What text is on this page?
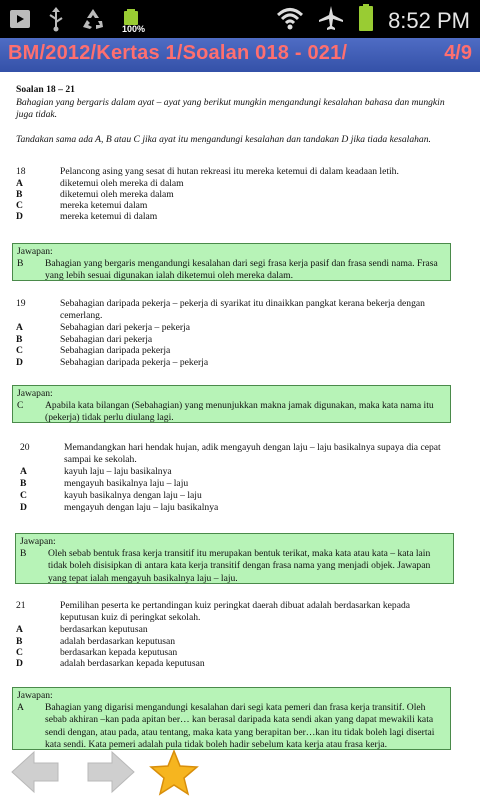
100%	8:52 PM
BM/2012/Kertas 1/Soalan 018 - 021/	4/9
Soalan 18 – 21
Bahagian yang bergaris dalam ayat – ayat yang berikut mungkin mengandungi kesalahan bahasa dan mungkin juga tidak.
Tandakan sama ada A, B atau C jika ayat itu mengandungi kesalahan dan tandakan D jika tiada kesalahan.
18	Pelancong asing yang sesat di hutan rekreasi itu mereka ketemui di dalam keadaan letih.
A	diketemui oleh mereka di dalam
B	diketemui oleh mereka dalam
C	mereka ketemui dalam
D	mereka ketemui di dalam
Jawapan:
B	Bahagian yang bergaris mengandungi kesalahan dari segi frasa kerja pasif dan frasa sendi nama. Frasa yang lebih sesuai digunakan ialah diketemui oleh mereka dalam.
19	Sebahagian daripada pekerja – pekerja di syarikat itu dinaikkan pangkat kerana bekerja dengan cemerlang.
A	Sebahagian dari pekerja – pekerja
B	Sebahagian dari pekerja
C	Sebahagian daripada pekerja
D	Sebahagian daripada pekerja – pekerja
Jawapan:
C	Apabila kata bilangan (Sebahagian) yang menunjukkan makna jamak digunakan, maka kata nama itu (pekerja) tidak perlu diulang lagi.
20	Memandangkan hari hendak hujan, adik mengayuh dengan laju – laju basikalnya supaya dia cepat sampai ke sekolah.
A	kayuh laju – laju basikalnya
B	mengayuh basikalnya laju – laju
C	kayuh basikalnya dengan laju – laju
D	mengayuh dengan laju – laju basikalnya
Jawapan:
B	Oleh sebab bentuk frasa kerja transitif itu merupakan bentuk terikat, maka kata atau kata – kata lain tidak boleh disisipkan di antara kata kerja transitif dengan frasa nama yang menjadi objek. Jawapan yang tepat ialah mengayuh basikalnya laju – laju.
21	Pemilihan peserta ke pertandingan kuiz peringkat daerah dibuat adalah berdasarkan kepada keputusan kuiz di peringkat sekolah.
A	berdasarkan keputusan
B	adalah berdasarkan keputusan
C	berdasarkan kepada keputusan
D	adalah berdasarkan kepada keputusan
Jawapan:
A	Bahagian yang digarisi mengandungi kesalahan dari segi kata pemeri dan frasa kerja transitif. Oleh sebab akhiran –kan pada apitan ber… kan berasal daripada kata sendi akan yang dapat mewakili kata sendi dengan, atau pada, atau tentang, maka kata yang berapitan ber…kan itu tidak boleh lagi disertai kata sendi. Kata pemeri adalah pula tidak boleh hadir sebelum kata kerja atau frasa kerja.
